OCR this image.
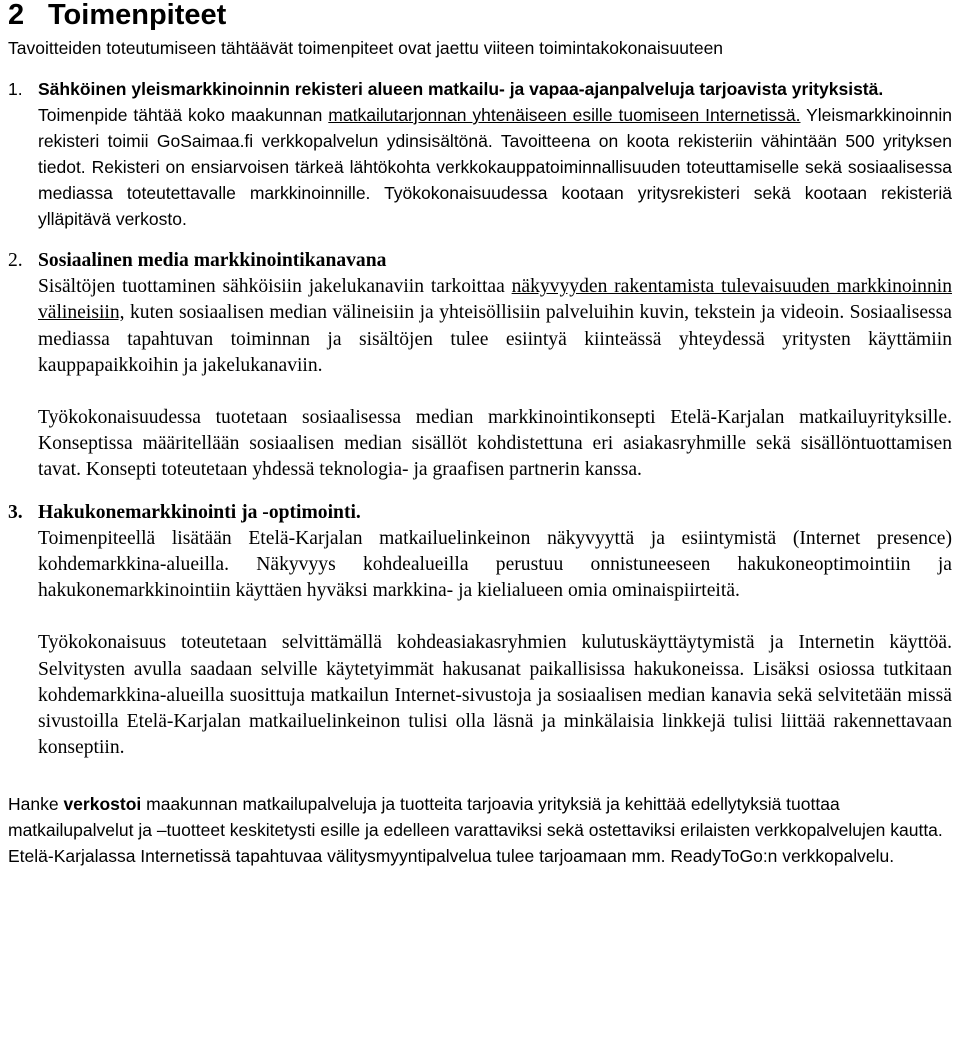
2 Toimenpiteet

Tavoitteiden toteutumiseen tähtäävät toimenpiteet ovat jaettu viiteen toimintakokonaisuuteen

1. Sähköinen yleismarkkinoinnin rekisteri alueen matkailu- ja vapaa-ajanpalveluja tarjoavista yrityksistä.

Toimenpide tähtää koko maakunnan matkailutarjonnan yhtenäiseen esille tuomiseen Internetissä. Yleismarkkinoinnin rekisteri toimii GoSaimaa.fi verkkopalvelun ydinsisältönä. Tavoitteena on koota rekisteriin vähintään 500 yrityksen tiedot. Rekisteri on ensiarvoisen tärkeä lähtökohta verkkokauppatoiminnallisuuden toteuttamiselle sekä sosiaalisessa mediassa toteutettavalle markkinoinnille. Työkokonaisuudessa kootaan yritysrekisteri sekä kootaan rekisteriä ylläpitävä verkosto.

2. Sosiaalinen media markkinointikanavana

Sisältöjen tuottaminen sähköisiin jakelukanaviin tarkoittaa näkyvyyden rakentamista tulevaisuuden markkinoinnin välineisiin, kuten sosiaalisen median välineisiin ja yhteisöllisiin palveluihin kuvin, tekstein ja videoin. Sosiaalisessa mediassa tapahtuvan toiminnan ja sisältöjen tulee esiintyä kiinteässä yhteydessä yritysten käyttämiin kauppapaikkoihin ja jakelukanaviin.

Työkokonaisuudessa tuotetaan sosiaalisessa median markkinointikonsepti Etelä-Karjalan matkailuyrityksille. Konseptissa määritellään sosiaalisen median sisällöt kohdistettuna eri asiakasryhmille sekä sisällöntuottamisen tavat. Konsepti toteutetaan yhdessä teknologia- ja graafisen partnerin kanssa.

3. Hakukonemarkkinointi ja -optimointi.

Toimenpiteellä lisätään Etelä-Karjalan matkailuelinkeinon näkyvyyttä ja esiintymistä (Internet presence) kohdemarkkina-alueilla. Näkyvyys kohdealueilla perustuu onnistuneeseen hakukoneoptimointiin ja hakukonemarkkinointiin käyttäen hyväksi markkina- ja kielialueen omia ominaispiirteitä.

Työkokonaisuus toteutetaan selvittämällä kohdeasiakasryhmien kulutuskäyttäytymistä ja Internetin käyttöä. Selvitysten avulla saadaan selville käytetyimmät hakusanat paikallisissa hakukoneissa. Lisäksi osiossa tutkitaan kohdemarkkina-alueilla suosittuja matkailun Internet-sivustoja ja sosiaalisen median kanavia sekä selvitetään missä sivustoilla Etelä-Karjalan matkailuelinkeinon tulisi olla läsnä ja minkälaisia linkkejä tulisi liittää rakennettavaan konseptiin.

Hanke verkostoi maakunnan matkailupalveluja ja tuotteita tarjoavia yrityksiä ja kehittää edellytyksiä tuottaa matkailupalvelut ja –tuotteet keskitetysti esille ja edelleen varattaviksi sekä ostettaviksi erilaisten verkkopalvelujen kautta. Etelä-Karjalassa Internetissä tapahtuvaa välitysmyyntipalvelua tulee tarjoamaan mm. ReadyToGo:n verkkopalvelu.
